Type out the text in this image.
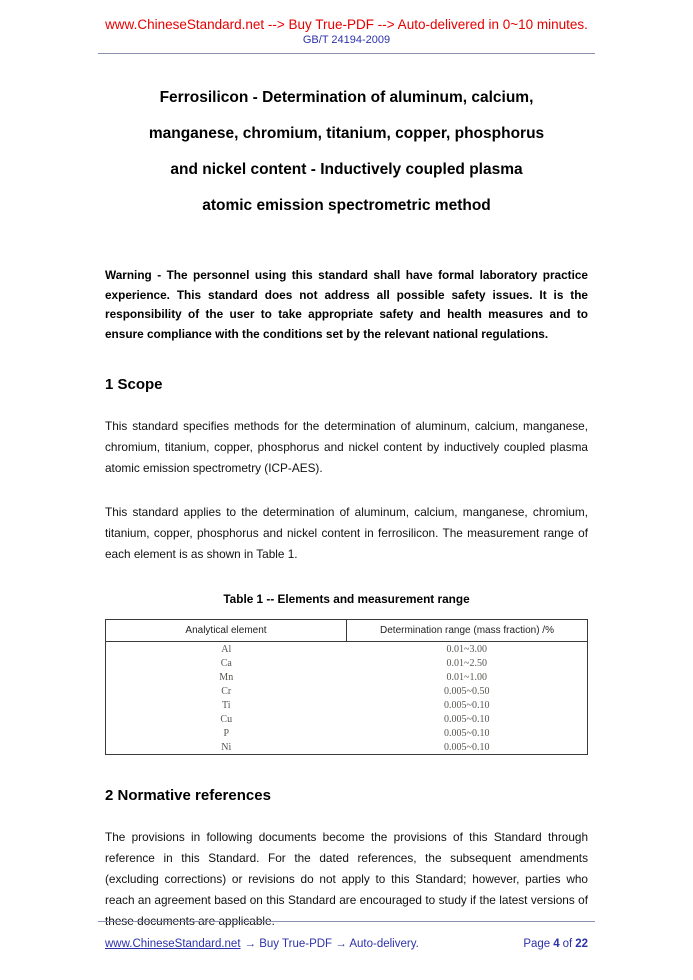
www.ChineseStandard.net --> Buy True-PDF --> Auto-delivered in 0~10 minutes.
GB/T 24194-2009
Ferrosilicon - Determination of aluminum, calcium,
manganese, chromium, titanium, copper, phosphorus
and nickel content - Inductively coupled plasma
atomic emission spectrometric method

Warning - The personnel using this standard shall have formal laboratory practice experience. This standard does not address all possible safety issues. It is the responsibility of the user to take appropriate safety and health measures and to ensure compliance with the conditions set by the relevant national regulations.

1 Scope

This standard specifies methods for the determination of aluminum, calcium, manganese, chromium, titanium, copper, phosphorus and nickel content by inductively coupled plasma atomic emission spectrometry (ICP-AES).

This standard applies to the determination of aluminum, calcium, manganese, chromium, titanium, copper, phosphorus and nickel content in ferrosilicon. The measurement range of each element is as shown in Table 1.

Table 1 -- Elements and measurement range
Analytical element	Determination range (mass fraction) /%
Al	0.01~3.00
Ca	0.01~2.50
Mn	0.01~1.00
Cr	0.005~0.50
Ti	0.005~0.10
Cu	0.005~0.10
P	0.005~0.10
Ni	0.005~0.10
2 Normative references

The provisions in following documents become the provisions of this Standard through reference in this Standard. For the dated references, the subsequent amendments (excluding corrections) or revisions do not apply to this Standard; however, parties who reach an agreement based on this Standard are encouraged to study if the latest versions of these documents are applicable.

www.ChineseStandard.net → Buy True-PDF → Auto-delivery.	Page 4 of 22
